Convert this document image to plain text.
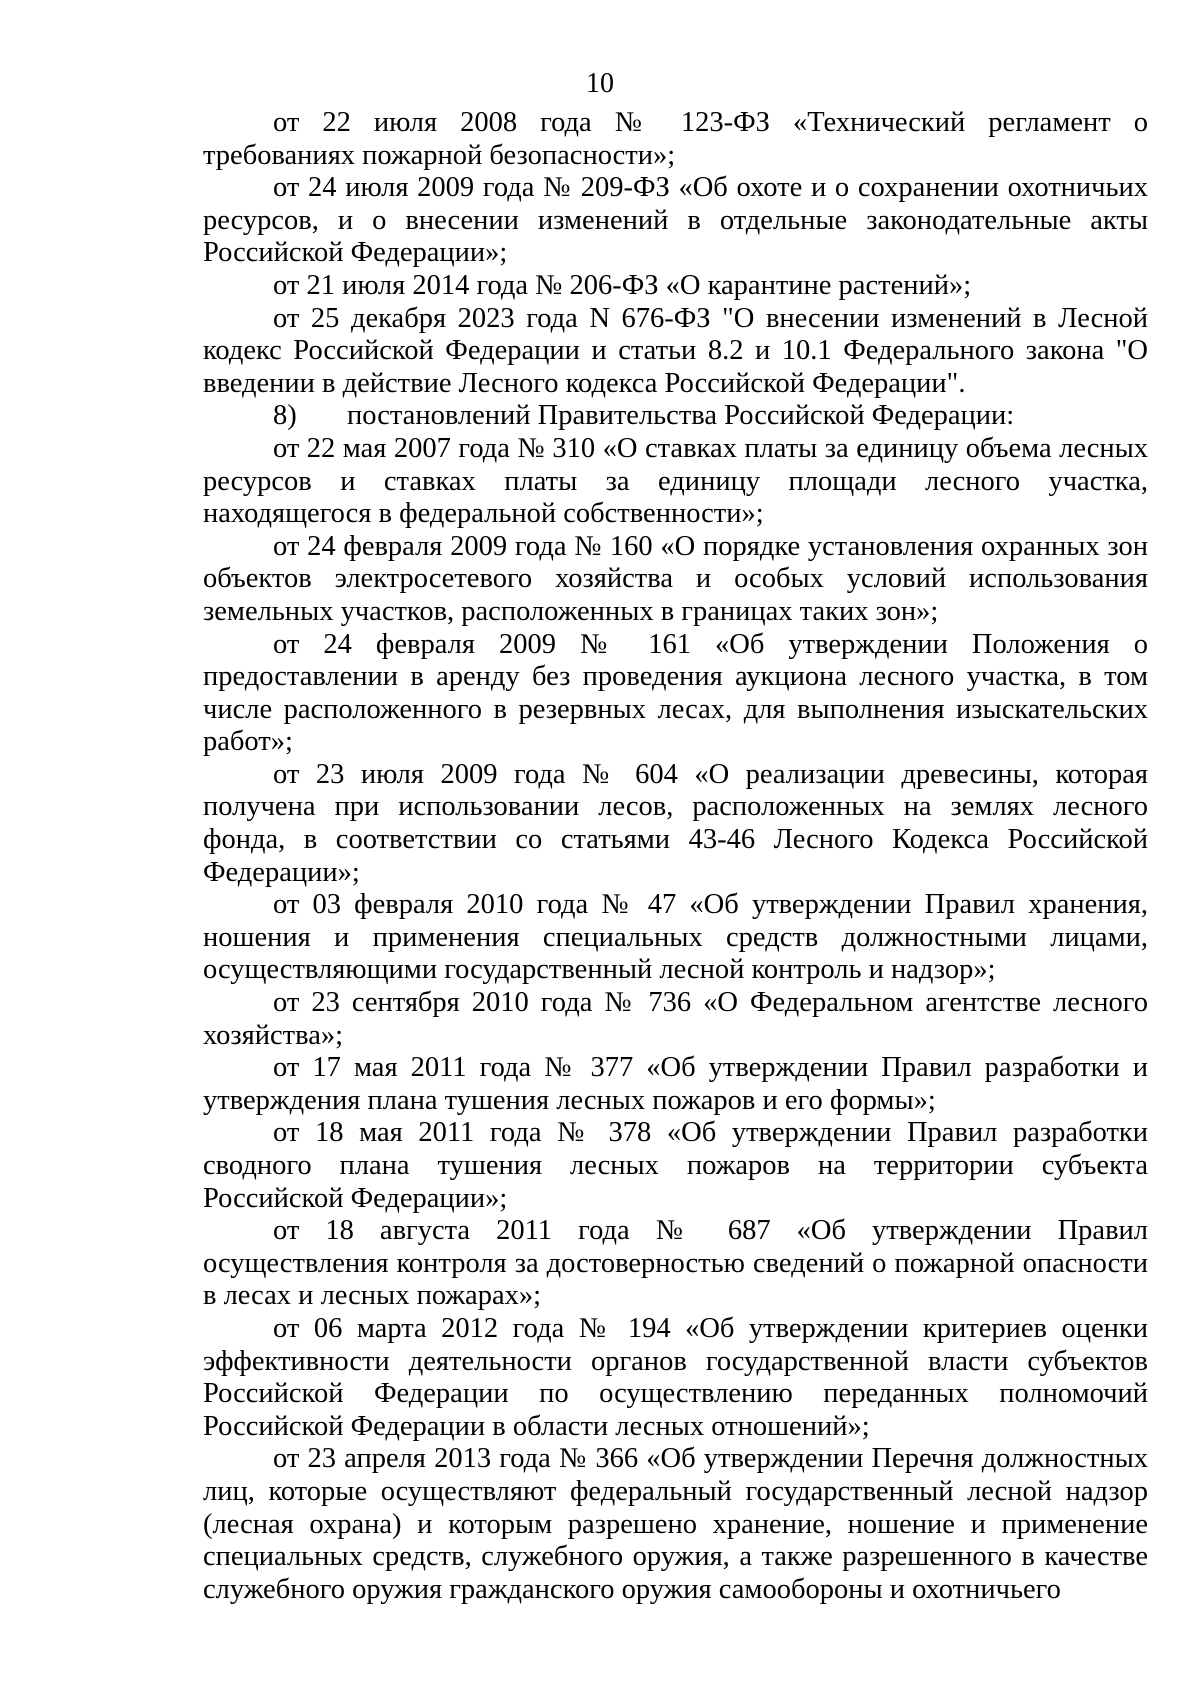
10

от 22 июля 2008 года № 123-ФЗ «Технический регламент о требованиях пожарной безопасности»;

от 24 июля 2009 года № 209-ФЗ «Об охоте и о сохранении охотничьих ресурсов, и о внесении изменений в отдельные законодательные акты Российской Федерации»;

от 21 июля 2014 года № 206-ФЗ «О карантине растений»;

от 25 декабря 2023 года N 676-ФЗ "О внесении изменений в Лесной кодекс Российской Федерации и статьи 8.2 и 10.1 Федерального закона "О введении в действие Лесного кодекса Российской Федерации".

8) постановлений Правительства Российской Федерации:

от 22 мая 2007 года № 310 «О ставках платы за единицу объема лесных ресурсов и ставках платы за единицу площади лесного участка, находящегося в федеральной собственности»;

от 24 февраля 2009 года № 160 «О порядке установления охранных зон объектов электросетевого хозяйства и особых условий использования земельных участков, расположенных в границах таких зон»;

от 24 февраля 2009 № 161 «Об утверждении Положения о предоставлении в аренду без проведения аукциона лесного участка, в том числе расположенного в резервных лесах, для выполнения изыскательских работ»;

от 23 июля 2009 года № 604 «О реализации древесины, которая получена при использовании лесов, расположенных на землях лесного фонда, в соответствии со статьями 43-46 Лесного Кодекса Российской Федерации»;

от 03 февраля 2010 года № 47 «Об утверждении Правил хранения, ношения и применения специальных средств должностными лицами, осуществляющими государственный лесной контроль и надзор»;

от 23 сентября 2010 года № 736 «О Федеральном агентстве лесного хозяйства»;

от 17 мая 2011 года № 377 «Об утверждении Правил разработки и утверждения плана тушения лесных пожаров и его формы»;

от 18 мая 2011 года № 378 «Об утверждении Правил разработки сводного плана тушения лесных пожаров на территории субъекта Российской Федерации»;

от 18 августа 2011 года № 687 «Об утверждении Правил осуществления контроля за достоверностью сведений о пожарной опасности в лесах и лесных пожарах»;

от 06 марта 2012 года № 194 «Об утверждении критериев оценки эффективности деятельности органов государственной власти субъектов Российской Федерации по осуществлению переданных полномочий Российской Федерации в области лесных отношений»;

от 23 апреля 2013 года № 366 «Об утверждении Перечня должностных лиц, которые осуществляют федеральный государственный лесной надзор (лесная охрана) и которым разрешено хранение, ношение и применение специальных средств, служебного оружия, а также разрешенного в качестве служебного оружия гражданского оружия самообороны и охотничьего
